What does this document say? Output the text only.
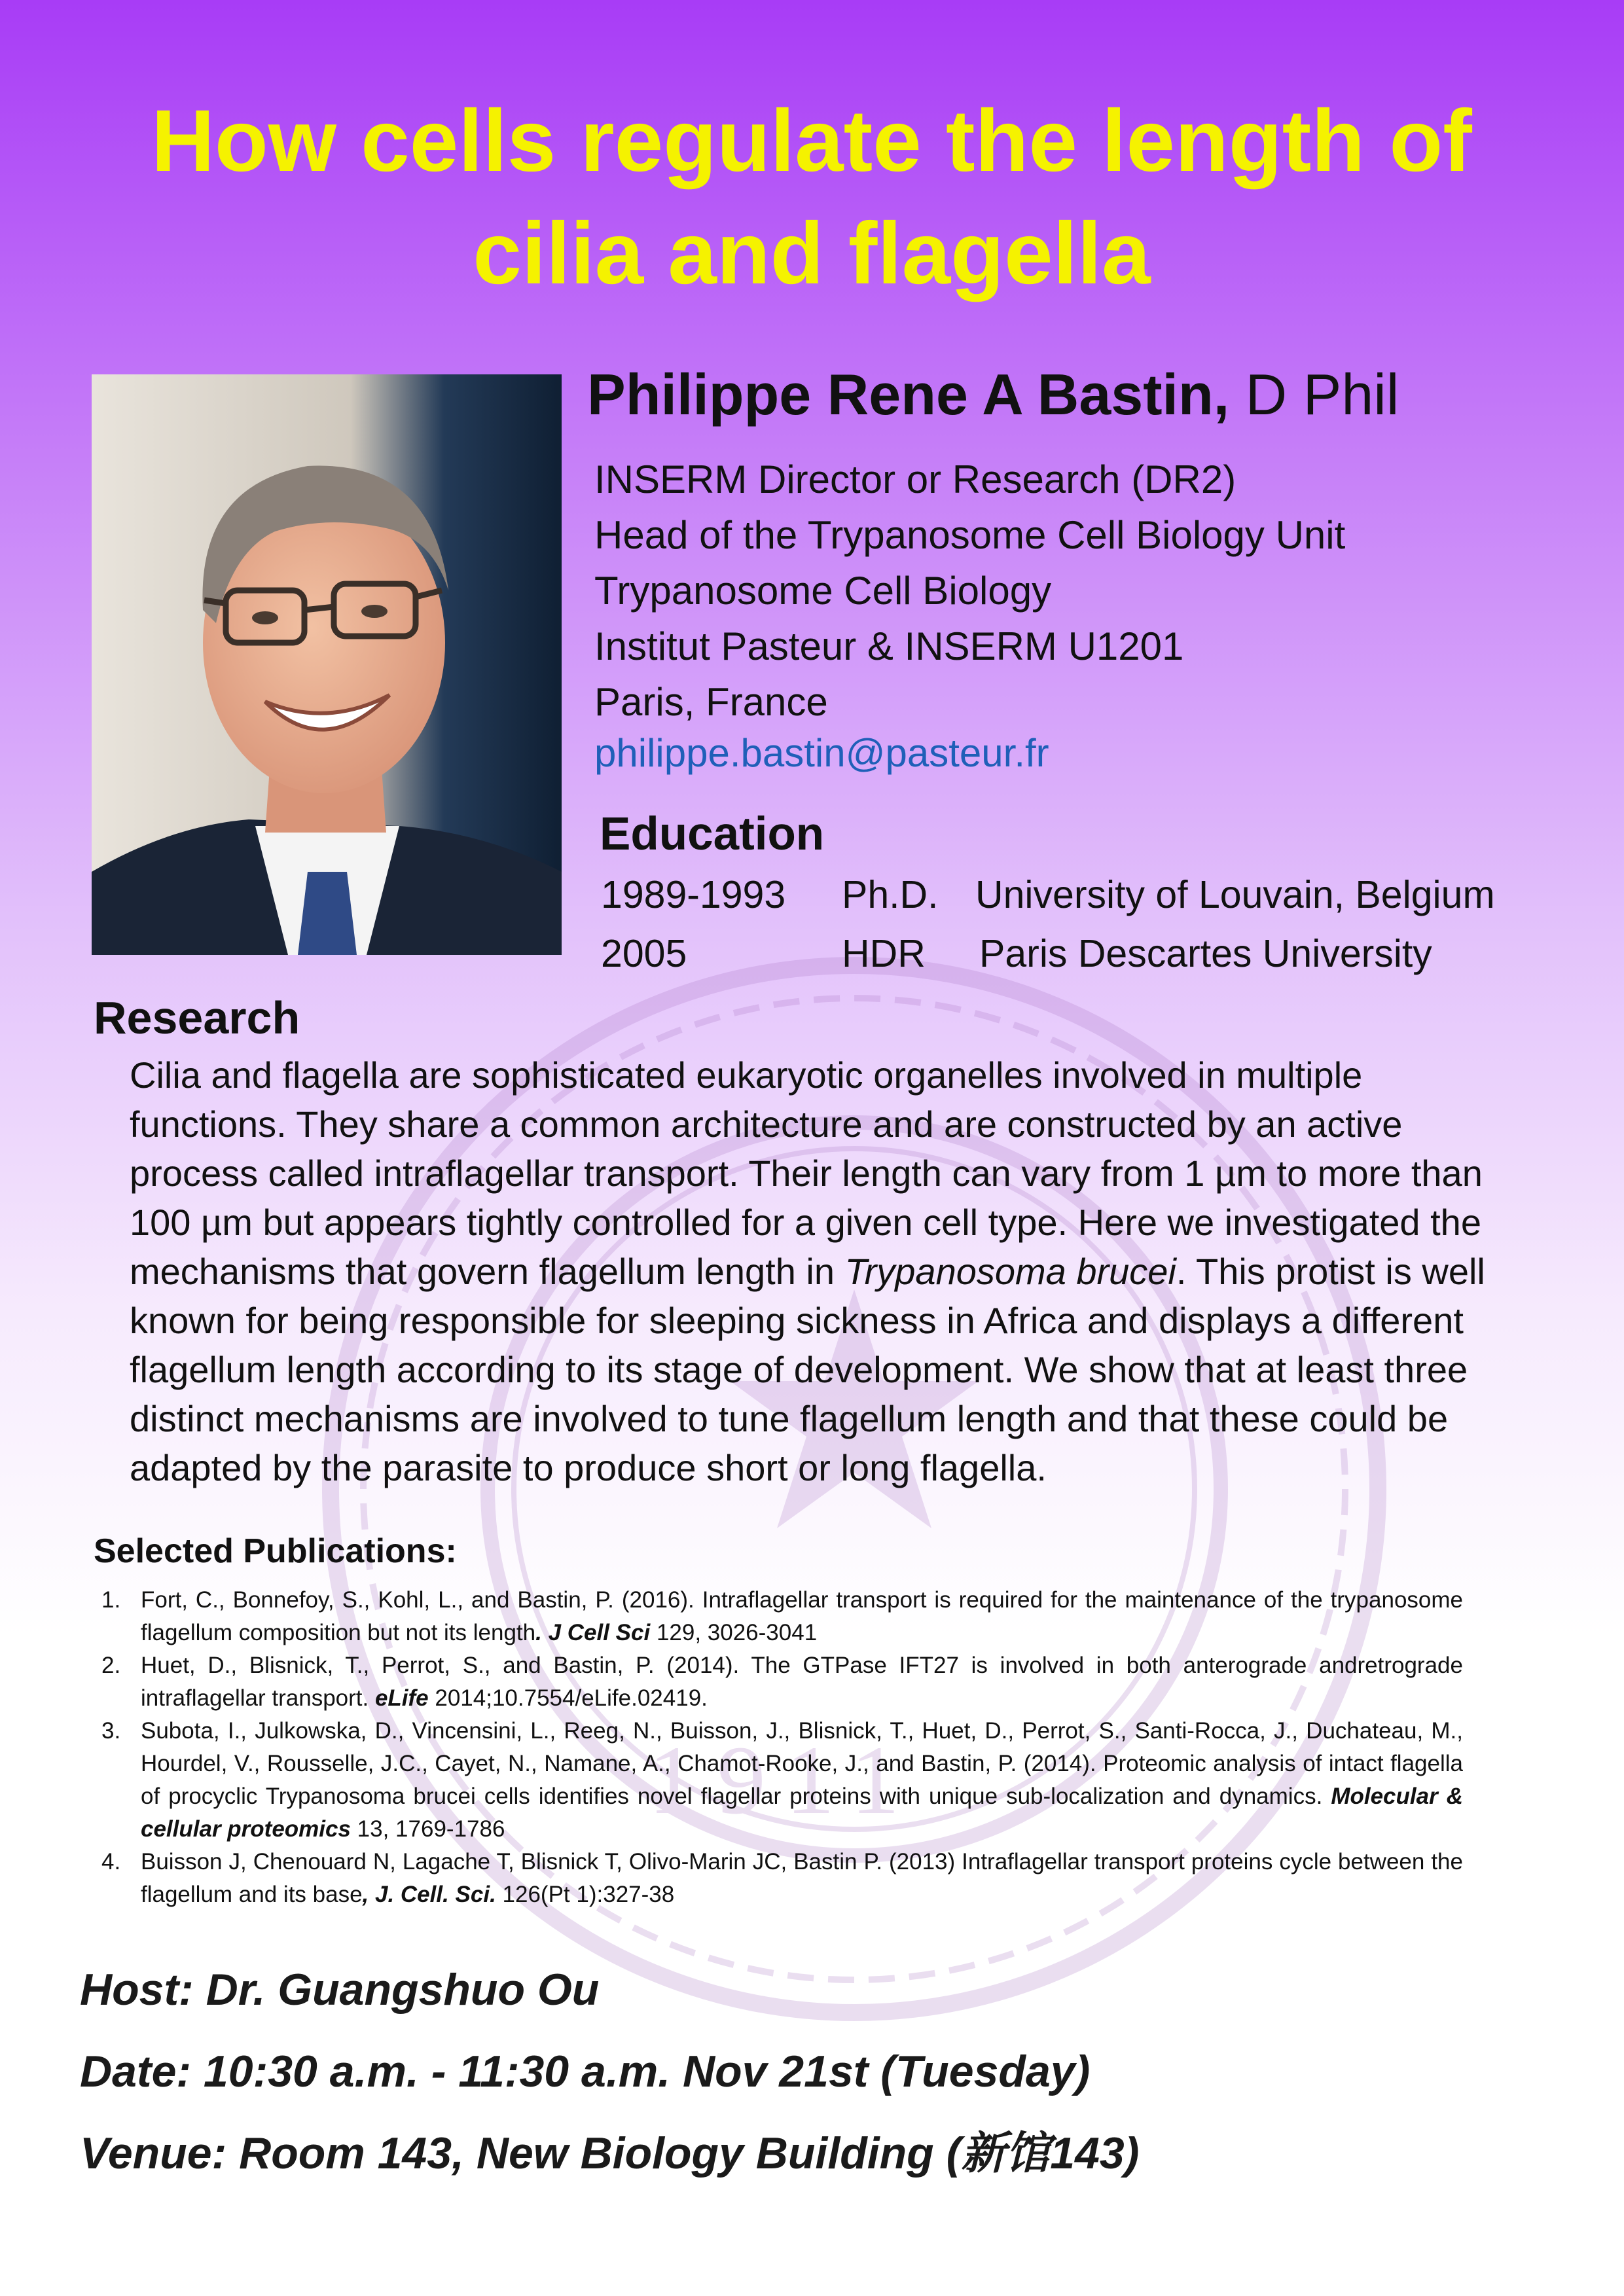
1911
How cells regulate the length of
cilia and flagella
Philippe Rene A Bastin, D Phil
INSERM Director or Research (DR2)
Head of the Trypanosome Cell Biology Unit
Trypanosome Cell Biology
Institut Pasteur & INSERM U1201
Paris, France
philippe.bastin@pasteur.fr
Education
1989-1993 Ph.D. University of Louvain, Belgium
2005	HDR Paris Descartes University
Research
Cilia and flagella are sophisticated eukaryotic organelles involved in multiple functions. They share a common architecture and are constructed by an active process called intraflagellar transport. Their length can vary from 1 µm to more than 100 µm but appears tightly controlled for a given cell type. Here we investigated the mechanisms that govern flagellum length in Trypanosoma brucei. This protist is well known for being responsible for sleeping sickness in Africa and displays a different flagellum length according to its stage of development. We show that at least three distinct mechanisms are involved to tune flagellum length and that these could be adapted by the parasite to produce short or long flagella.
Selected Publications:
1. Fort, C., Bonnefoy, S., Kohl, L., and Bastin, P. (2016). Intraflagellar transport is required for the maintenance of the trypanosome flagellum composition but not its length. J Cell Sci 129, 3026-3041
2. Huet, D., Blisnick, T., Perrot, S., and Bastin, P. (2014). The GTPase IFT27 is involved in both anterograde andretrograde intraflagellar transport. eLife 2014;10.7554/eLife.02419.
3. Subota, I., Julkowska, D., Vincensini, L., Reeg, N., Buisson, J., Blisnick, T., Huet, D., Perrot, S., Santi-Rocca, J., Duchateau, M., Hourdel, V., Rousselle, J.C., Cayet, N., Namane, A., Chamot-Rooke, J., and Bastin, P. (2014). Proteomic analysis of intact flagella of procyclic Trypanosoma brucei cells identifies novel flagellar proteins with unique sub-localization and dynamics. Molecular & cellular proteomics 13, 1769-1786
4. Buisson J, Chenouard N, Lagache T, Blisnick T, Olivo-Marin JC, Bastin P. (2013) Intraflagellar transport proteins cycle between the flagellum and its base, J. Cell. Sci. 126(Pt 1):327-38
Host: Dr. Guangshuo Ou
Date: 10:30 a.m. - 11:30 a.m. Nov 21st (Tuesday)
Venue: Room 143, New Biology Building (新馆143)
